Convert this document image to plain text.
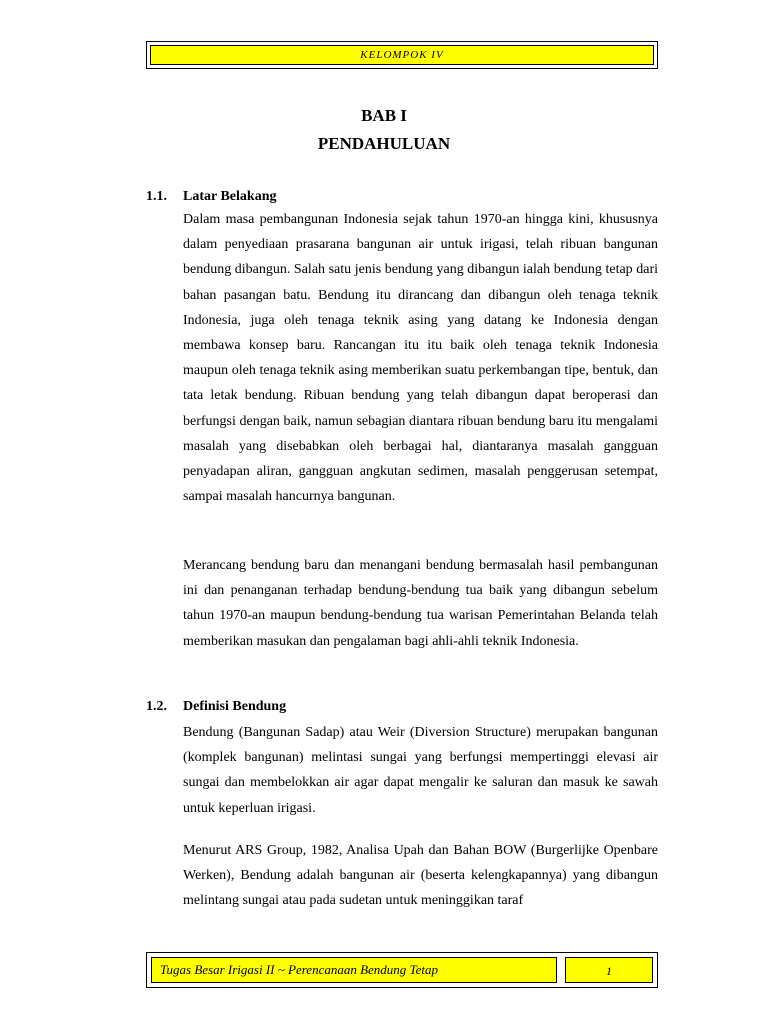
KELOMPOK IV
BAB I
PENDAHULUAN
1.1. Latar Belakang

Dalam masa pembangunan Indonesia sejak tahun 1970-an hingga kini, khususnya dalam penyediaan prasarana bangunan air untuk irigasi, telah ribuan bangunan bendung dibangun. Salah satu jenis bendung yang dibangun ialah bendung tetap dari bahan pasangan batu. Bendung itu dirancang dan dibangun oleh tenaga teknik Indonesia, juga oleh tenaga teknik asing yang datang ke Indonesia dengan membawa konsep baru. Rancangan itu itu baik oleh tenaga teknik Indonesia maupun oleh tenaga teknik asing memberikan suatu perkembangan tipe, bentuk, dan tata letak bendung. Ribuan bendung yang telah dibangun dapat beroperasi dan berfungsi dengan baik, namun sebagian diantara ribuan bendung baru itu mengalami masalah yang disebabkan oleh berbagai hal, diantaranya masalah gangguan penyadapan aliran, gangguan angkutan sedimen, masalah penggerusan setempat, sampai masalah hancurnya bangunan.

Merancang bendung baru dan menangani bendung bermasalah hasil pembangunan ini dan penanganan terhadap bendung-bendung tua baik yang dibangun sebelum tahun 1970-an maupun bendung-bendung tua warisan Pemerintahan Belanda telah memberikan masukan dan pengalaman bagi ahli-ahli teknik Indonesia.

1.2. Definisi Bendung

Bendung (Bangunan Sadap) atau Weir (Diversion Structure) merupakan bangunan (komplek bangunan) melintasi sungai yang berfungsi mempertinggi elevasi air sungai dan membelokkan air agar dapat mengalir ke saluran dan masuk ke sawah untuk keperluan irigasi.

Menurut ARS Group, 1982, Analisa Upah dan Bahan BOW (Burgerlijke Openbare Werken), Bendung adalah bangunan air (beserta kelengkapannya) yang dibangun melintang sungai atau pada sudetan untuk meninggikan taraf

Tugas Besar Irigasi II ~ Perencanaan Bendung Tetap	1
